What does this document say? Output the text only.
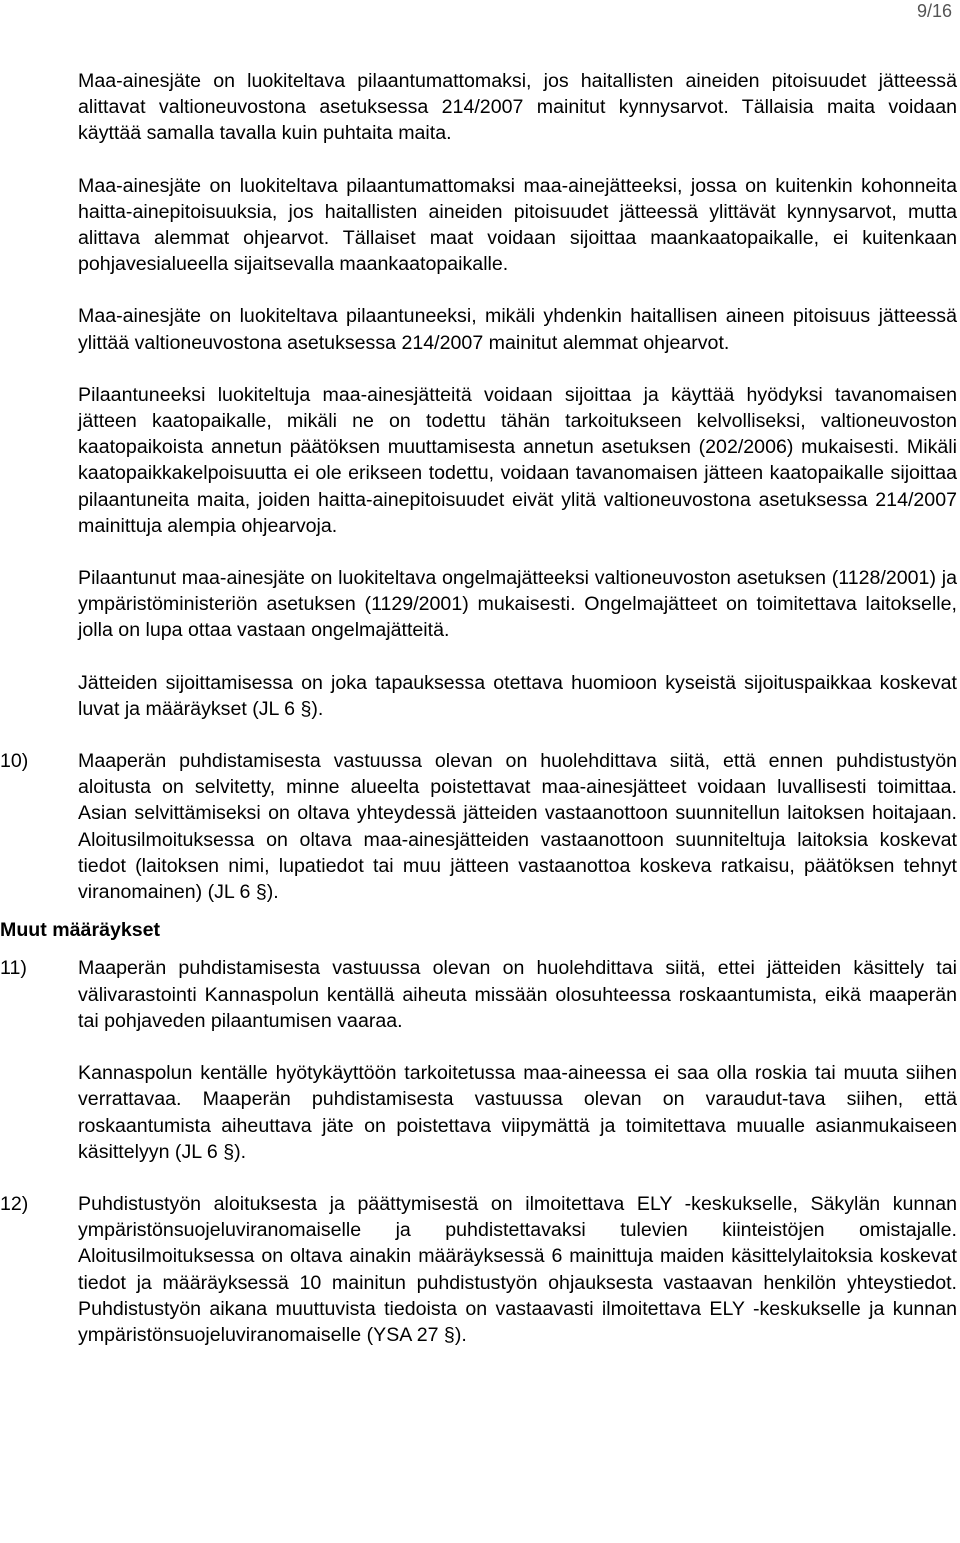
9/16

Maa-ainesjäte on luokiteltava pilaantumattomaksi, jos haitallisten aineiden pitoisuudet jätteessä alittavat valtioneuvostona asetuksessa 214/2007 mainitut kynnysarvot. Tällaisia maita voidaan käyttää samalla tavalla kuin puhtaita maita.

Maa-ainesjäte on luokiteltava pilaantumattomaksi maa-ainejätteeksi, jossa on kuitenkin kohonneita haitta-ainepitoisuuksia, jos haitallisten aineiden pitoisuudet jätteessä ylittävät kynnysarvot, mutta alittava alemmat ohjearvot. Tällaiset maat voidaan sijoittaa maankaatopaikalle, ei kuitenkaan pohjavesialueella sijaitsevalla maankaatopaikalle.

Maa-ainesjäte on luokiteltava pilaantuneeksi, mikäli yhdenkin haitallisen aineen pitoisuus jätteessä ylittää valtioneuvostona asetuksessa 214/2007 mainitut alemmat ohjearvot.

Pilaantuneeksi luokiteltuja maa-ainesjätteitä voidaan sijoittaa ja käyttää hyödyksi tavanomaisen jätteen kaatopaikalle, mikäli ne on todettu tähän tarkoitukseen kelvolliseksi, valtioneuvoston kaatopaikoista annetun päätöksen muuttamisesta annetun asetuksen (202/2006) mukaisesti. Mikäli kaatopaikkakelpoisuutta ei ole erikseen todettu, voidaan tavanomaisen jätteen kaatopaikalle sijoittaa pilaantuneita maita, joiden haitta-ainepitoisuudet eivät ylitä valtioneuvostona asetuksessa 214/2007 mainittuja alempia ohjearvoja.

Pilaantunut maa-ainesjäte on luokiteltava ongelmajätteeksi valtioneuvoston asetuksen (1128/2001) ja ympäristöministeriön asetuksen (1129/2001) mukaisesti. Ongelmajätteet on toimitettava laitokselle, jolla on lupa ottaa vastaan ongelmajätteitä.

Jätteiden sijoittamisessa on joka tapauksessa otettava huomioon kyseistä sijoituspaikkaa koskevat luvat ja määräykset (JL 6 §).

10)	Maaperän puhdistamisesta vastuussa olevan on huolehdittava siitä, että ennen puhdistustyön aloitusta on selvitetty, minne alueelta poistettavat maa-ainesjätteet voidaan luvallisesti toimittaa. Asian selvittämiseksi on oltava yhteydessä jätteiden vastaanottoon suunnitellun laitoksen hoitajaan. Aloitusilmoituksessa on oltava maa-ainesjätteiden vastaanottoon suunniteltuja laitoksia koskevat tiedot (laitoksen nimi, lupatiedot tai muu jätteen vastaanottoa koskeva ratkaisu, päätöksen tehnyt viranomainen) (JL 6 §).

Muut määräykset
11)	Maaperän puhdistamisesta vastuussa olevan on huolehdittava siitä, ettei jätteiden käsittely tai välivarastointi Kannaspolun kentällä aiheuta missään olosuhteessa roskaantumista, eikä maaperän tai pohjaveden pilaantumisen vaaraa.

Kannaspolun kentälle hyötykäyttöön tarkoitetussa maa-aineessa ei saa olla roskia tai muuta siihen verrattavaa. Maaperän puhdistamisesta vastuussa olevan on varaudut-tava siihen, että roskaantumista aiheuttava jäte on poistettava viipymättä ja toimitettava muualle asianmukaiseen käsittelyyn (JL 6 §).

12)	Puhdistustyön aloituksesta ja päättymisestä on ilmoitettava ELY -keskukselle, Säkylän kunnan ympäristönsuojeluviranomaiselle ja puhdistettavaksi tulevien kiinteistöjen omistajalle. Aloitusilmoituksessa on oltava ainakin määräyksessä 6 mainittuja maiden käsittelylaitoksia koskevat tiedot ja määräyksessä 10 mainitun puhdistustyön ohjauksesta vastaavan henkilön yhteystiedot. Puhdistustyön aikana muuttuvista tiedoista on vastaavasti ilmoitettava ELY -keskukselle ja kunnan ympäristönsuojeluviranomaiselle (YSA 27 §).
